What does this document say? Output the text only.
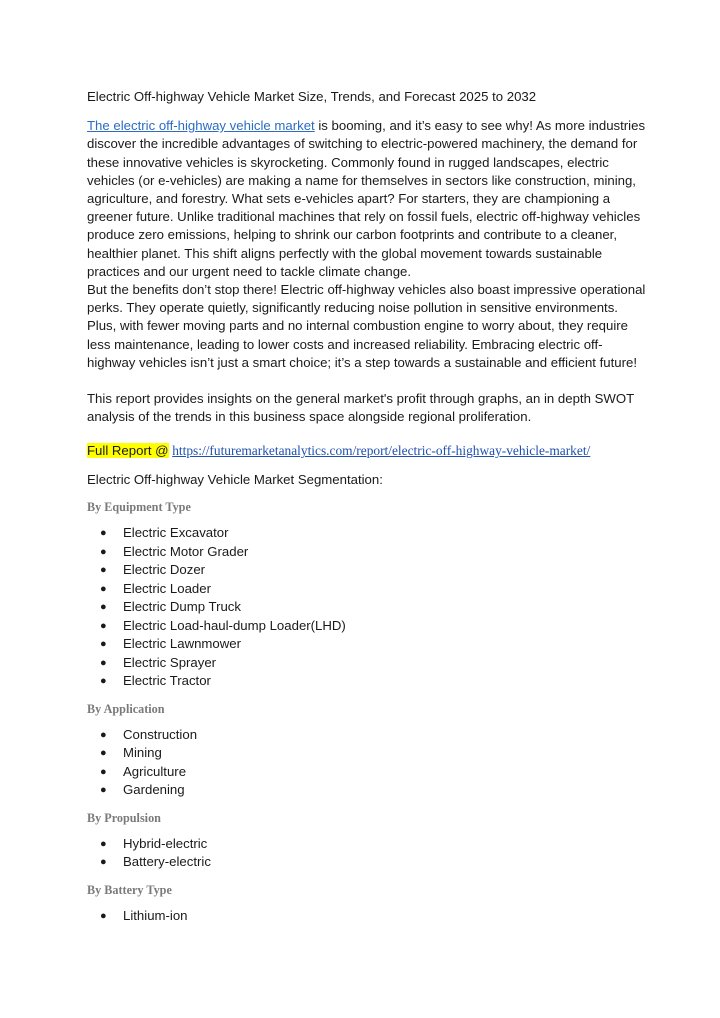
Electric Off-highway Vehicle Market Size, Trends, and Forecast 2025 to 2032

The electric off-highway vehicle market is booming, and it’s easy to see why! As more industries discover the incredible advantages of switching to electric-powered machinery, the demand for these innovative vehicles is skyrocketing. Commonly found in rugged landscapes, electric vehicles (or e-vehicles) are making a name for themselves in sectors like construction, mining, agriculture, and forestry. What sets e-vehicles apart? For starters, they are championing a greener future. Unlike traditional machines that rely on fossil fuels, electric off-highway vehicles produce zero emissions, helping to shrink our carbon footprints and contribute to a cleaner, healthier planet. This shift aligns perfectly with the global movement towards sustainable practices and our urgent need to tackle climate change.

But the benefits don’t stop there! Electric off-highway vehicles also boast impressive operational perks. They operate quietly, significantly reducing noise pollution in sensitive environments. Plus, with fewer moving parts and no internal combustion engine to worry about, they require less maintenance, leading to lower costs and increased reliability. Embracing electric off-highway vehicles isn’t just a smart choice; it’s a step towards a sustainable and efficient future!

This report provides insights on the general market's profit through graphs, an in depth SWOT analysis of the trends in this business space alongside regional proliferation.

Full Report @ https://futuremarketanalytics.com/report/electric-off-highway-vehicle-market/

Electric Off-highway Vehicle Market Segmentation:

By Equipment Type
● Electric Excavator
● Electric Motor Grader
● Electric Dozer
● Electric Loader
● Electric Dump Truck
● Electric Load-haul-dump Loader(LHD)
● Electric Lawnmower
● Electric Sprayer
● Electric Tractor
By Application
● Construction
● Mining
● Agriculture
● Gardening
By Propulsion
● Hybrid-electric
● Battery-electric
By Battery Type
● Lithium-ion
